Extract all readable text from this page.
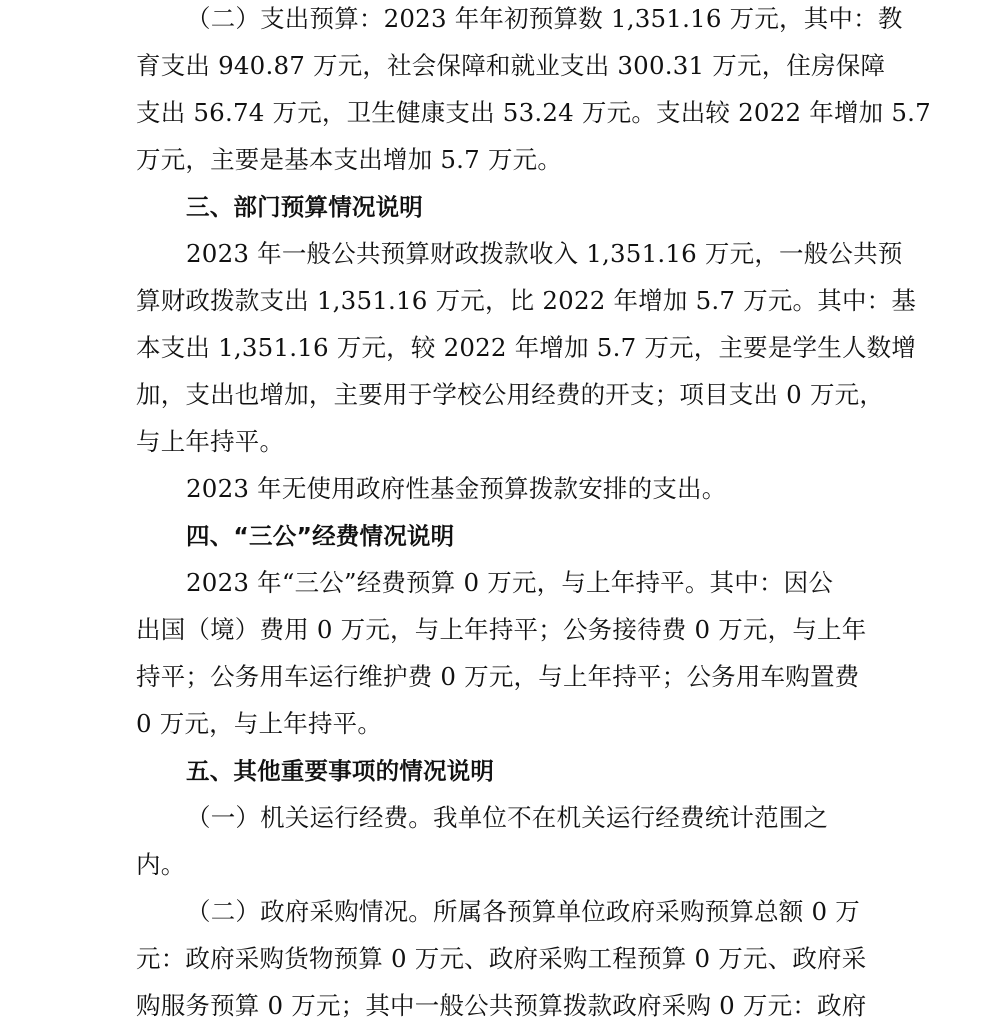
（二）支出预算：2023 年年初预算数 1,351.16 万元，其中：教
育支出 940.87 万元，社会保障和就业支出 300.31 万元，住房保障
支出 56.74 万元，卫生健康支出 53.24 万元。支出较 2022 年增加 5.7
万元，主要是基本支出增加 5.7 万元。
三、部门预算情况说明
2023 年一般公共预算财政拨款收入 1,351.16 万元，一般公共预
算财政拨款支出 1,351.16 万元，比 2022 年增加 5.7 万元。其中：基
本支出 1,351.16 万元，较 2022 年增加 5.7 万元，主要是学生人数增
加，支出也增加，主要用于学校公用经费的开支；项目支出 0 万元，
与上年持平。
2023 年无使用政府性基金预算拨款安排的支出。
四、“三公”经费情况说明
2023 年“三公”经费预算 0 万元，与上年持平。其中：因公
出国（境）费用 0 万元，与上年持平；公务接待费 0 万元，与上年
持平；公务用车运行维护费 0 万元，与上年持平；公务用车购置费
0 万元，与上年持平。
五、其他重要事项的情况说明
（一）机关运行经费。我单位不在机关运行经费统计范围之
内。
（二）政府采购情况。所属各预算单位政府采购预算总额 0 万
元：政府采购货物预算 0 万元、政府采购工程预算 0 万元、政府采
购服务预算 0 万元；其中一般公共预算拨款政府采购 0 万元：政府
